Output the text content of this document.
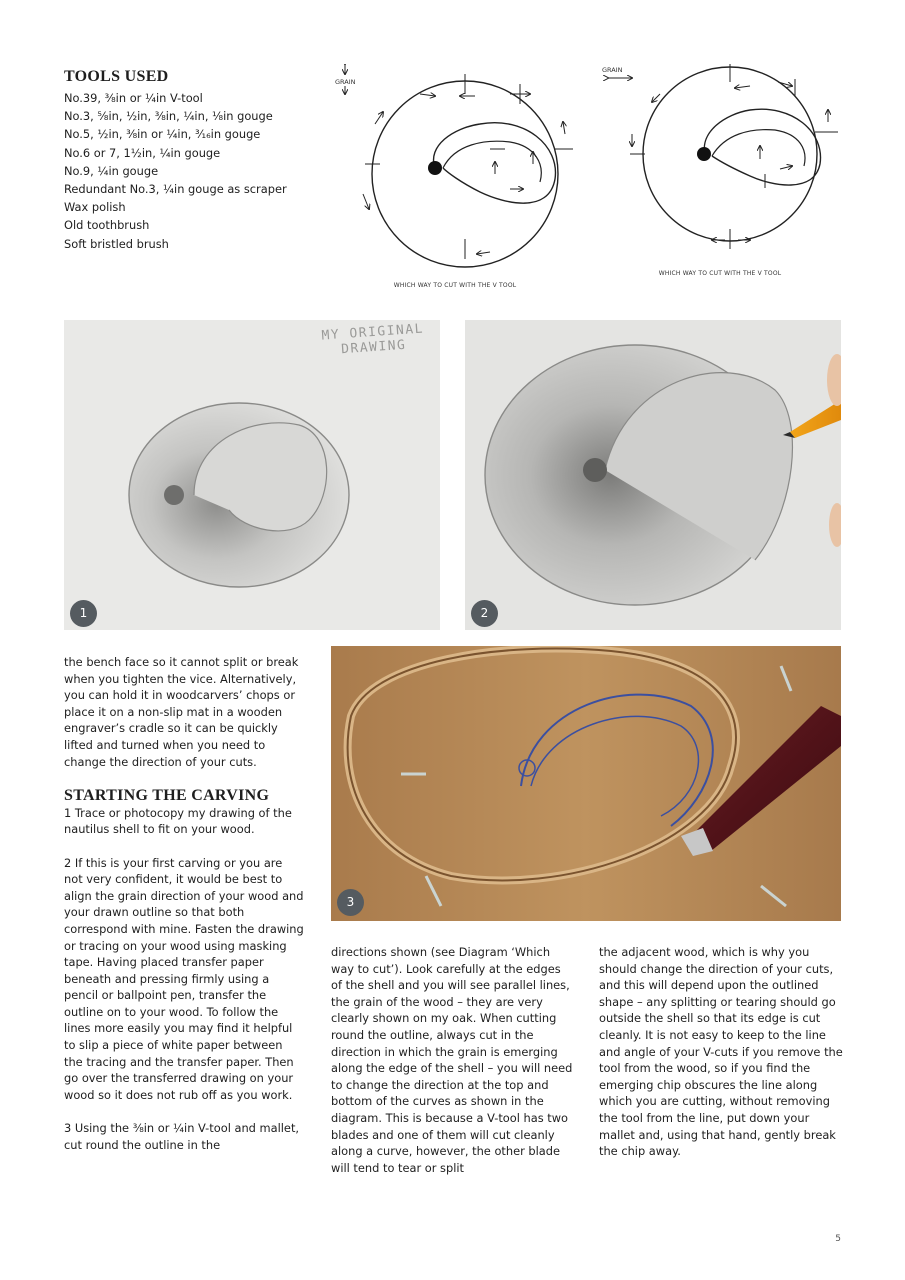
TOOLS USED
No.39, ⅜in or ¼in V-tool
No.3, ⅝in, ½in, ⅜in, ¼in, ⅛in gouge
No.5, ½in, ⅜in or ¼in, ³⁄₁₆in gouge
No.6 or 7, 1½in, ¼in gouge
No.9, ¼in gouge
Redundant No.3, ¼in gouge as scraper
Wax polish
Old toothbrush
Soft bristled brush
GRAIN
WHICH WAY TO CUT WITH THE V TOOL
GRAIN
WHICH WAY TO CUT WITH THE V TOOL
MY ORIGINAL
DRAWING
1	2
3

the bench face so it cannot split or break when you tighten the vice. Alternatively, you can hold it in woodcarvers’ chops or place it on a non-slip mat in a wooden engraver’s cradle so it can be quickly lifted and turned when you need to change the direction of your cuts.

STARTING THE CARVING

1 Trace or photocopy my drawing of the nautilus shell to fit on your wood.

2 If this is your first carving or you are not very confident, it would be best to align the grain direction of your wood and your drawn outline so that both correspond with mine. Fasten the drawing or tracing on your wood using masking tape. Having placed transfer paper beneath and pressing firmly using a pencil or ballpoint pen, transfer the outline on to your wood. To follow the lines more easily you may find it helpful to slip a piece of white paper between the tracing and the transfer paper. Then go over the transferred drawing on your wood so it does not rub off as you work.

3 Using the ⅜in or ¼in V-tool and mallet, cut round the outline in the

directions shown (see Diagram ‘Which way to cut’). Look carefully at the edges of the shell and you will see parallel lines, the grain of the wood – they are very clearly shown on my oak. When cutting round the outline, always cut in the direction in which the grain is emerging along the edge of the shell – you will need to change the direction at the top and bottom of the curves as shown in the diagram. This is because a V-tool has two blades and one of them will cut cleanly along a curve, however, the other blade will tend to tear or split

the adjacent wood, which is why you should change the direction of your cuts, and this will depend upon the outlined shape – any splitting or tearing should go outside the shell so that its edge is cut cleanly. It is not easy to keep to the line and angle of your V-cuts if you remove the tool from the wood, so if you find the emerging chip obscures the line along which you are cutting, without removing the tool from the line, put down your mallet and, using that hand, gently break the chip away.

5
